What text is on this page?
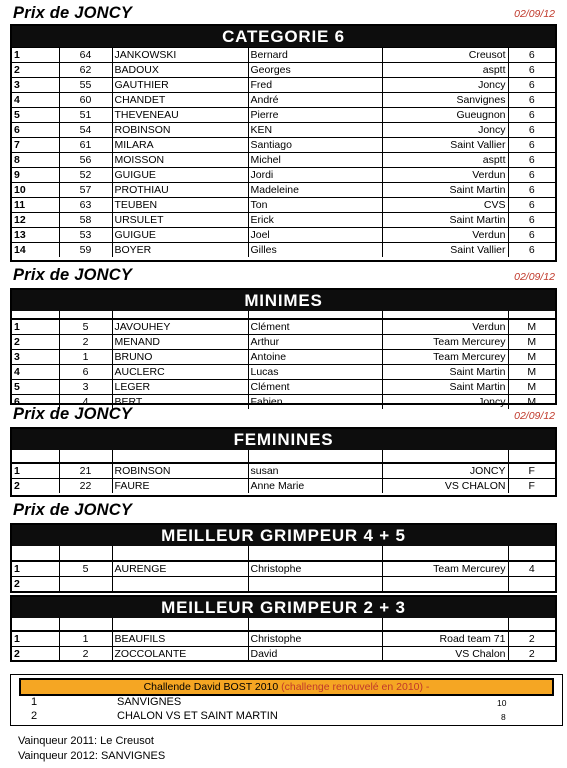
Prix de JONCY	02/09/12
CATEGORIE 6
1	64	JANKOWSKI	Bernard	Creusot	6
2	62	BADOUX	Georges	asptt	6
3	55	GAUTHIER	Fred	Joncy	6
4	60	CHANDET	André	Sanvignes	6
5	51	THEVENEAU	Pierre	Gueugnon	6
6	54	ROBINSON	KEN	Joncy	6
7	61	MILARA	Santiago	Saint Vallier	6
8	56	MOISSON	Michel	asptt	6
9	52	GUIGUE	Jordi	Verdun	6
10	57	PROTHIAU	Madeleine	Saint Martin	6
11	63	TEUBEN	Ton	CVS	6
12	58	URSULET	Erick	Saint Martin	6
13	53	GUIGUE	Joel	Verdun	6
14	59	BOYER	Gilles	Saint Vallier	6
Prix de JONCY	02/09/12
MINIMES
1	5	JAVOUHEY	Clément	Verdun	M
2	2	MENAND	Arthur	Team Mercurey	M
3	1	BRUNO	Antoine	Team Mercurey	M
4	6	AUCLERC	Lucas	Saint Martin	M
5	3	LEGER	Clément	Saint Martin	M
6	4	BERT	Fabien	Joncy	M
Prix de JONCY	02/09/12
FEMININES
1	21	ROBINSON	susan	JONCY	F
2	22	FAURE	Anne Marie	VS CHALON	F
Prix de JONCY
MEILLEUR GRIMPEUR 4 + 5
1	5	AURENGE	Christophe	Team Mercurey	4
2					
MEILLEUR GRIMPEUR 2 + 3
1	1	BEAUFILS	Christophe	Road team 71	2
2	2	ZOCCOLANTE	David	VS Chalon	2
Challende David BOST 2010 (challenge renouvelé en 2010) -
1	SANVIGNES	10
2	CHALON VS ET SAINT MARTIN	8
Vainqueur 2011: Le Creusot
Vainqueur 2012: SANVIGNES
